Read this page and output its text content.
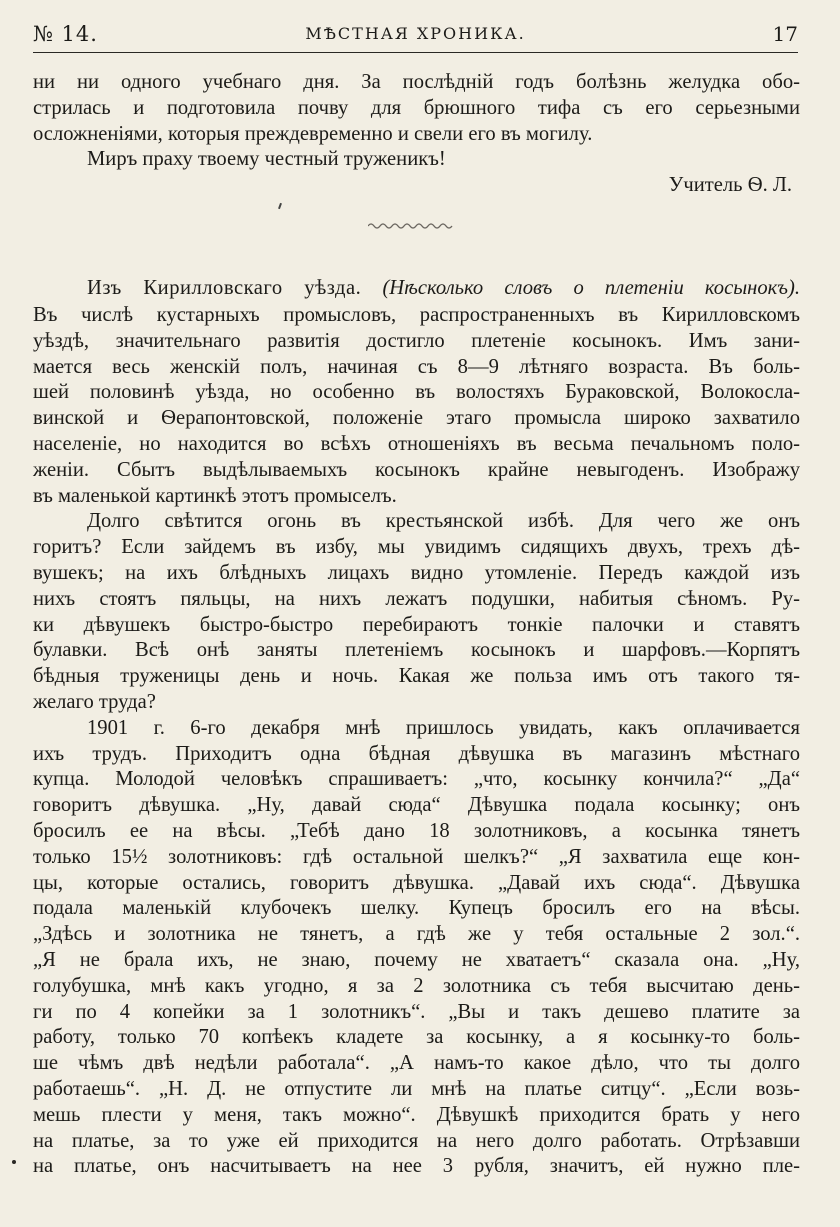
№ 14.	МѢСТНАЯ ХРОНИКА.	17
ни ни одного учебнаго дня. За послѣдній годъ болѣзнь желудка обо-
стрилась и подготовила почву для брюшного тифа съ его серьезными
осложненіями, которыя преждевременно и свели его въ могилу.
Миръ праху твоему честный труженикъ!
Учитель Ѳ. Л.
Изъ Кирилловскаго уѣзда. (Нѣсколько словъ о плетеніи косынокъ).
Въ числѣ кустарныхъ промысловъ, распространенныхъ въ Кирилловскомъ
уѣздѣ, значительнаго развитія достигло плетеніе косынокъ. Имъ зани-
мается весь женскій полъ, начиная съ 8—9 лѣтняго возраста. Въ боль-
шей половинѣ уѣзда, но особенно въ волостяхъ Бураковской, Волокосла-
винской и Ѳерапонтовской, положеніе этаго промысла широко захватило
населеніе, но находится во всѣхъ отношеніяхъ въ весьма печальномъ поло-
женіи. Сбытъ выдѣлываемыхъ косынокъ крайне невыгоденъ. Изображу
въ маленькой картинкѣ этотъ промыселъ.
Долго свѣтится огонь въ крестьянской избѣ. Для чего же онъ
горитъ? Если зайдемъ въ избу, мы увидимъ сидящихъ двухъ, трехъ дѣ-
вушекъ; на ихъ блѣдныхъ лицахъ видно утомленіе. Передъ каждой изъ
нихъ стоятъ пяльцы, на нихъ лежатъ подушки, набитыя сѣномъ. Ру-
ки дѣвушекъ быстро-быстро перебираютъ тонкіе палочки и ставятъ
булавки. Всѣ онѣ заняты плетеніемъ косынокъ и шарфовъ.—Корпятъ
бѣдныя труженицы день и ночь. Какая же польза имъ отъ такого тя-
желаго труда?
1901 г. 6-го декабря мнѣ пришлось увидать, какъ оплачивается
ихъ трудъ. Приходитъ одна бѣдная дѣвушка въ магазинъ мѣстнаго
купца. Молодой человѣкъ спрашиваетъ: „что, косынку кончила?“ „Да“
говоритъ дѣвушка. „Ну, давай сюда“ Дѣвушка подала косынку; онъ
бросилъ ее на вѣсы. „Тебѣ дано 18 золотниковъ, а косынка тянетъ
только 15½ золотниковъ: гдѣ остальной шелкъ?“ „Я захватила еще кон-
цы, которые остались, говоритъ дѣвушка. „Давай ихъ сюда“. Дѣвушка
подала маленькій клубочекъ шелку. Купецъ бросилъ его на вѣсы.
„Здѣсь и золотника не тянетъ, а гдѣ же у тебя остальные 2 зол.“.
„Я не брала ихъ, не знаю, почему не хватаетъ“ сказала она. „Ну,
голубушка, мнѣ какъ угодно, я за 2 золотника съ тебя высчитаю день-
ги по 4 копейки за 1 золотникъ“. „Вы и такъ дешево платите за
работу, только 70 копѣекъ кладете за косынку, а я косынку-то боль-
ше чѣмъ двѣ недѣли работала“. „А намъ-то какое дѣло, что ты долго
работаешь“. „Н. Д. не отпустите ли мнѣ на платье ситцу“. „Если возь-
мешь плести у меня, такъ можно“. Дѣвушкѣ приходится брать у него
на платье, за то уже ей приходится на него долго работать. Отрѣзавши
на платье, онъ насчитываетъ на нее 3 рубля, значитъ, ей нужно пле-
